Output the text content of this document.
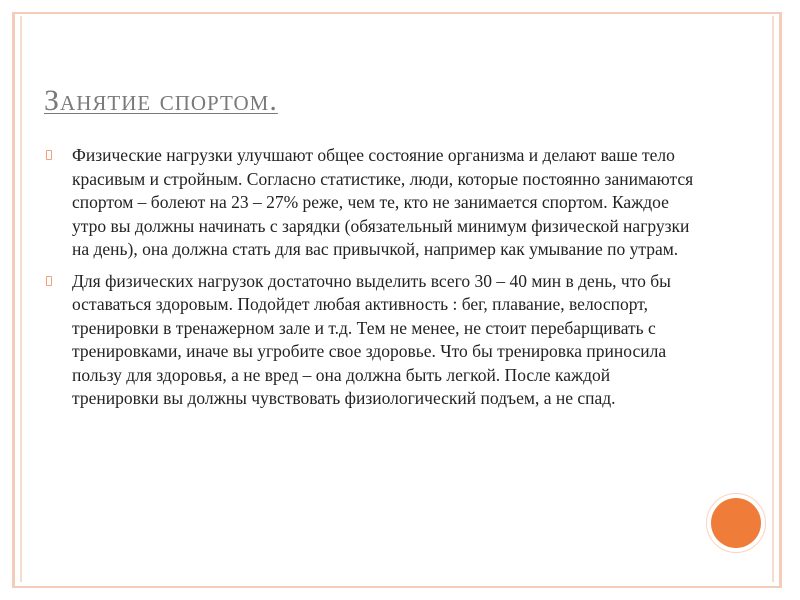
Занятие спортом.
Физические нагрузки улучшают общее состояние организма и делают ваше тело красивым и стройным. Согласно статистике, люди, которые постоянно занимаются спортом – болеют на 23 – 27% реже, чем те, кто не занимается спортом. Каждое утро вы должны начинать с зарядки (обязательный минимум физической нагрузки на день), она должна стать для вас привычкой, например как умывание по утрам.
Для физических нагрузок достаточно выделить всего 30 – 40 мин в день, что бы оставаться здоровым. Подойдет любая активность : бег, плавание, велоспорт, тренировки в тренажерном зале и т.д. Тем не менее, не стоит перебарщивать с тренировками, иначе вы угробите свое здоровье. Что бы тренировка приносила пользу для здоровья, а не вред – она должна быть легкой. После каждой тренировки вы должны чувствовать физиологический подъем, а не спад.
